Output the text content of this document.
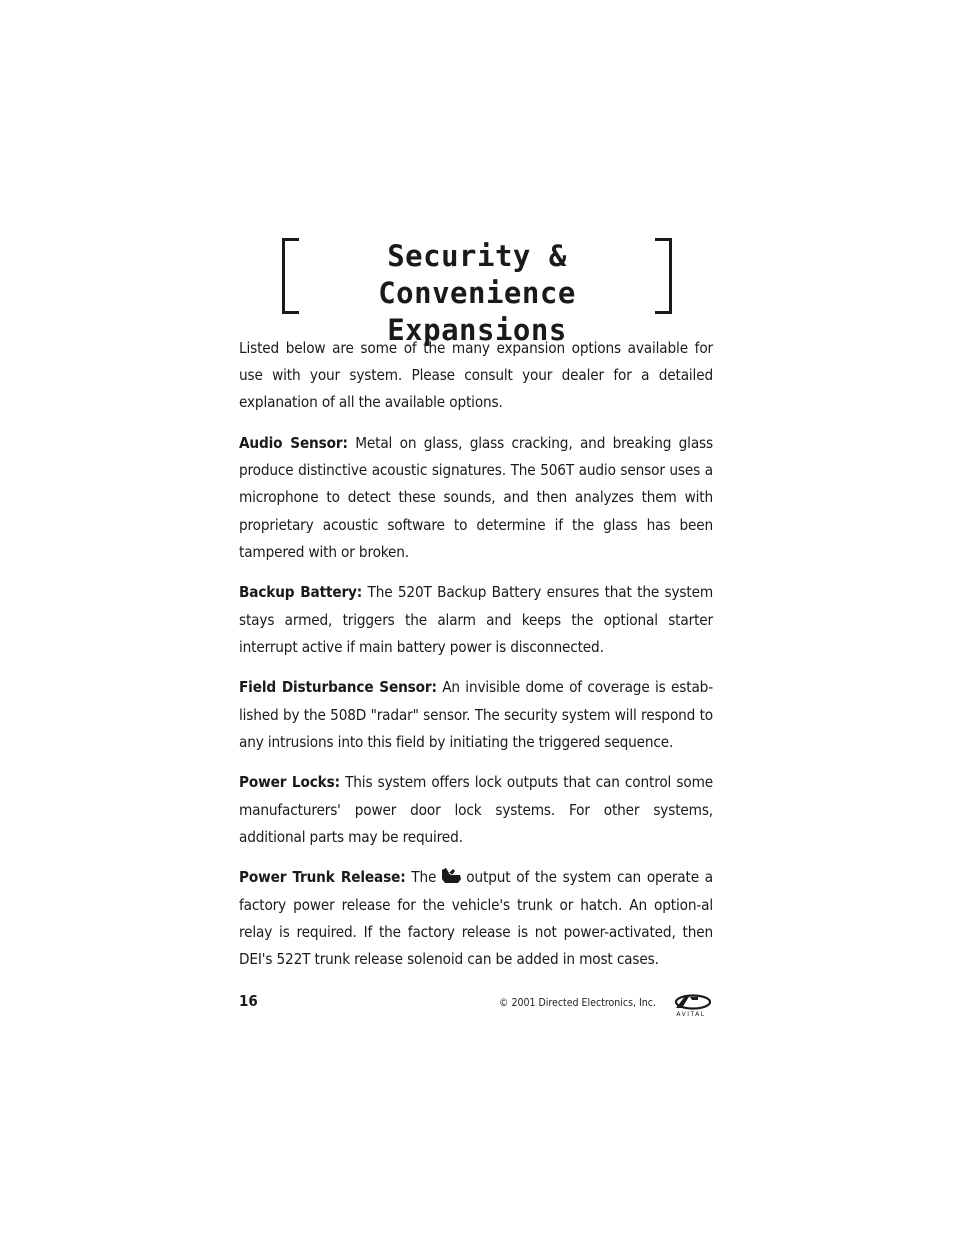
Security & Convenience
Expansions

Listed below are some of the many expansion options available for use with your system. Please consult your dealer for a detailed explanation of all the available options.

Audio Sensor: Metal on glass, glass cracking, and breaking glass produce distinctive acoustic signatures. The 506T audio sensor uses a microphone to detect these sounds, and then analyzes them with proprietary acoustic software to determine if the glass has been tampered with or broken.

Backup Battery: The 520T Backup Battery ensures that the system stays armed, triggers the alarm and keeps the optional starter interrupt active if main battery power is disconnected.

Field Disturbance Sensor: An invisible dome of coverage is estab-lished by the 508D "radar" sensor. The security system will respond to any intrusions into this field by initiating the triggered sequence.

Power Locks: This system offers lock outputs that can control some manufacturers' power door lock systems. For other systems, additional parts may be required.

Power Trunk Release: The output of the system can operate a factory power release for the vehicle's trunk or hatch. An option-al relay is required. If the factory release is not power-activated, then DEI's 522T trunk release solenoid can be added in most cases.

16	© 2001 Directed Electronics, Inc.
AVITAL
